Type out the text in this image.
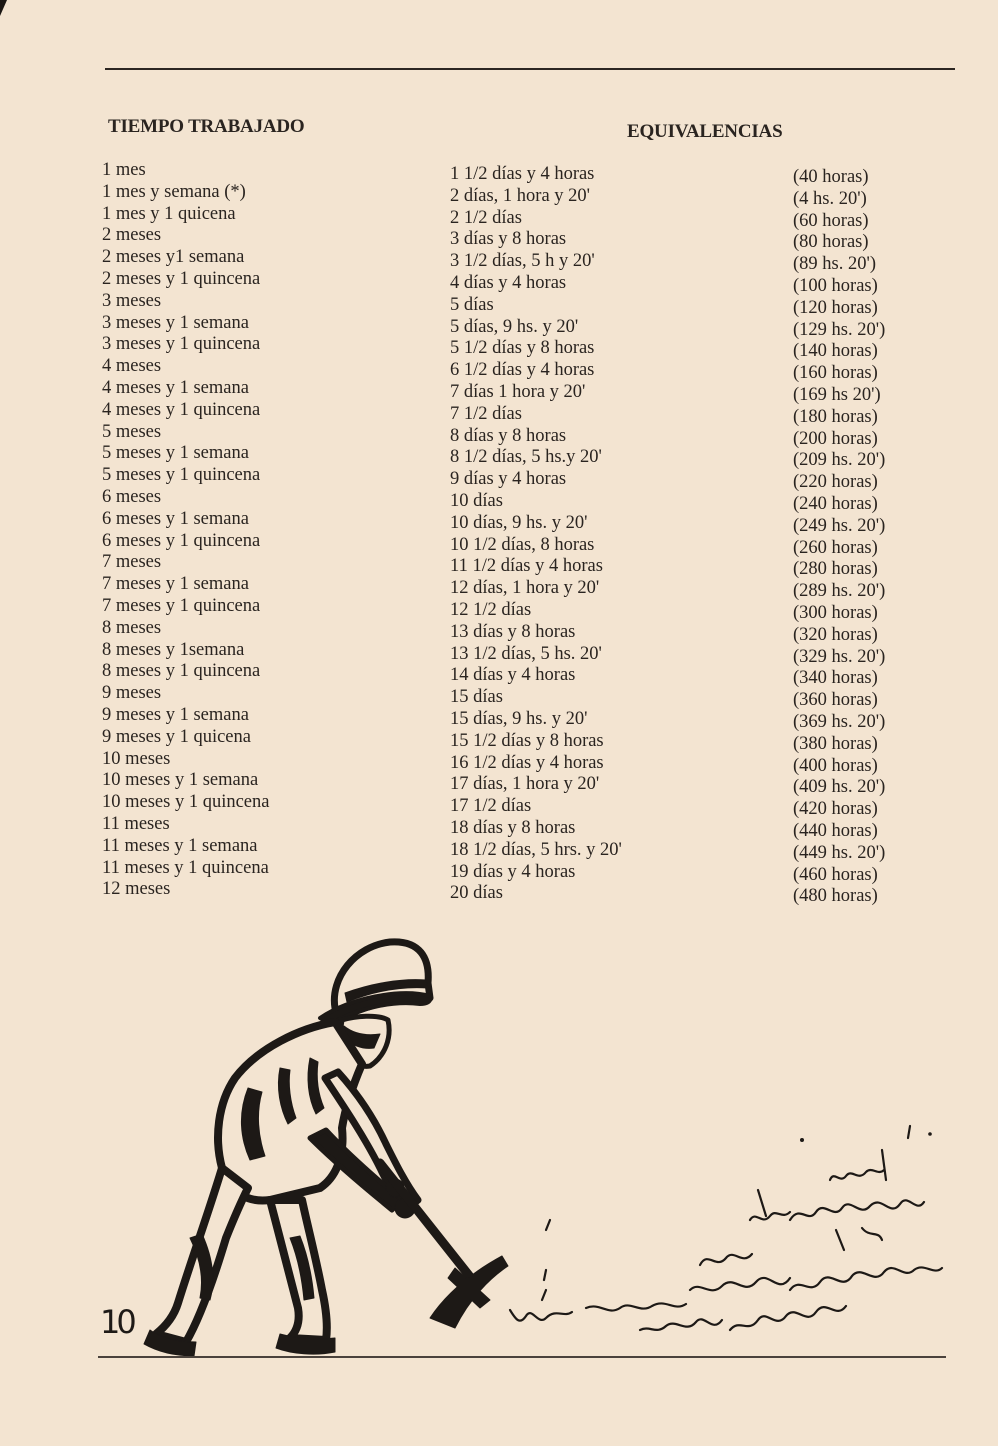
TIEMPO TRABAJADO	EQUIVALENCIAS
1 mes
1 mes y semana (*)
1 mes y 1 quicena
2 meses
2 meses y1 semana
2 meses y 1 quincena
3 meses
3 meses y 1 semana
3 meses y 1 quincena
4 meses
4 meses y 1 semana
4 meses y 1 quincena
5 meses
5 meses y 1 semana
5 meses y 1 quincena
6 meses
6 meses y 1 semana
6 meses y 1 quincena
7 meses
7 meses y 1 semana
7 meses y 1 quincena
8 meses
8 meses y 1semana
8 meses y 1 quincena
9 meses
9 meses y 1 semana
9 meses y 1 quicena
10 meses
10 meses y 1 semana
10 meses y 1 quincena
11 meses
11 meses y 1 semana
11 meses y 1 quincena
12 meses
1 1/2 días y 4 horas
2 días, 1 hora y 20'
2 1/2 días
3 días y 8 horas
3 1/2 días, 5 h y 20'
4 días y 4 horas
5 días
5 días, 9 hs. y 20'
5 1/2 días y 8 horas
6 1/2 días y 4 horas
7 días 1 hora y 20'
7 1/2 días
8 días y 8 horas
8 1/2 días, 5 hs.y 20'
9 días y 4 horas
10 días
10 días, 9 hs. y 20'
10 1/2 días, 8 horas
11 1/2 días y 4 horas
12 días, 1 hora y 20'
12 1/2 días
13 días y 8 horas
13 1/2 días, 5 hs. 20'
14 días y 4 horas
15 días
15 días, 9 hs. y 20'
15 1/2 días y 8 horas
16 1/2 días y 4 horas
17 días, 1 hora y 20'
17 1/2 días
18 días y 8 horas
18 1/2 días, 5 hrs. y 20'
19 días y 4 horas
20 días
(40 horas)
(4 hs. 20')
(60 horas)
(80 horas)
(89 hs. 20')
(100 horas)
(120 horas)
(129 hs. 20')
(140 horas)
(160 horas)
(169 hs 20')
(180 horas)
(200 horas)
(209 hs. 20')
(220 horas)
(240 horas)
(249 hs. 20')
(260 horas)
(280 horas)
(289 hs. 20')
(300 horas)
(320 horas)
(329 hs. 20')
(340 horas)
(360 horas)
(369 hs. 20')
(380 horas)
(400 horas)
(409 hs. 20')
(420 horas)
(440 horas)
(449 hs. 20')
(460 horas)
(480 horas)
10
